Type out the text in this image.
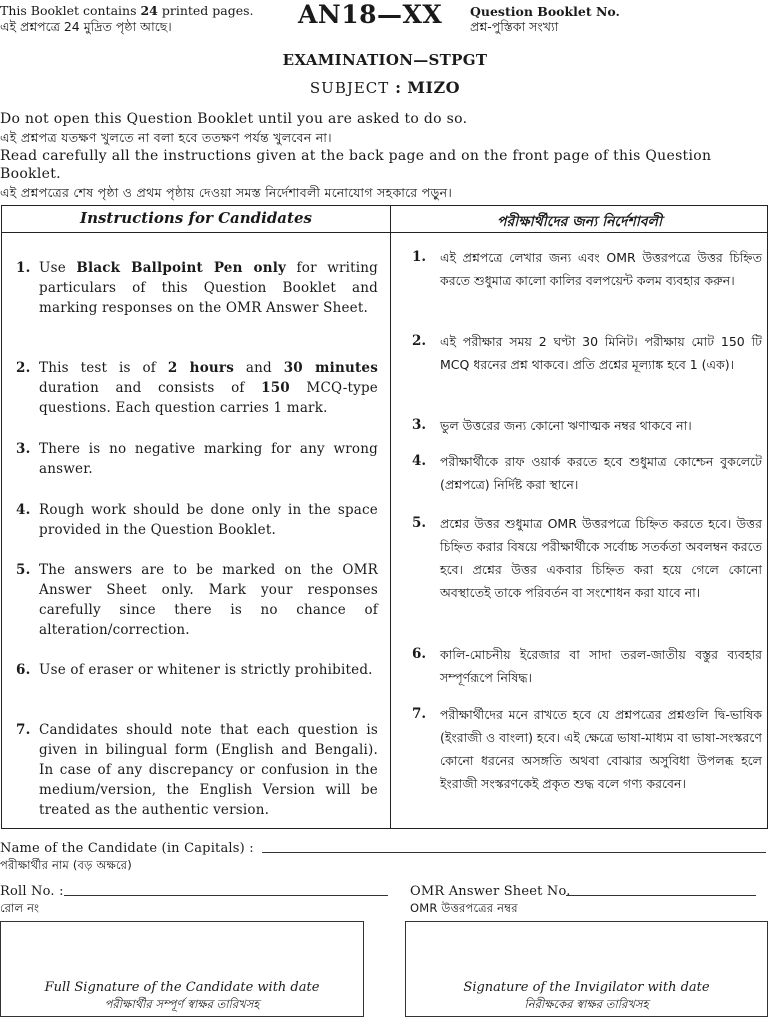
This Booklet contains 24 printed pages.
এই প্রশ্নপত্রে 24 মুদ্রিত পৃষ্ঠা আছে।	AN18—XX Question Booklet No.
প্রশ্ন-পুস্তিকা সংখ্যা
EXAMINATION—STPGT
SUBJECT : MIZO
Do not open this Question Booklet until you are asked to do so.
এই প্রশ্নপত্র যতক্ষণ খুলতে না বলা হবে ততক্ষণ পর্যন্ত খুলবেন না।
Read carefully all the instructions given at the back page and on the front page of this Question Booklet.
এই প্রশ্নপত্রের শেষ পৃষ্ঠা ও প্রথম পৃষ্ঠায় দেওয়া সমস্ত নির্দেশাবলী মনোযোগ সহকারে পড়ুন।
Instructions for Candidates	পরীক্ষার্থীদের জন্য নির্দেশাবলী
1. Use Black Ballpoint Pen only for writing particulars of this Question Booklet and marking responses on the OMR Answer Sheet.
2. This test is of 2 hours and 30 minutes duration and consists of 150 MCQ-type questions. Each question carries 1 mark.
3. There is no negative marking for any wrong answer.
4. Rough work should be done only in the space provided in the Question Booklet.
5. The answers are to be marked on the OMR Answer Sheet only. Mark your responses carefully since there is no chance of alteration/correction.
6. Use of eraser or whitener is strictly prohibited.
7. Candidates should note that each question is given in bilingual form (English and Bengali). In case of any discrepancy or confusion in the medium/version, the English Version will be treated as the authentic version.
1. এই প্রশ্নপত্রে লেখার জন্য এবং OMR উত্তরপত্রে উত্তর চিহ্নিত করতে শুধুমাত্র কালো কালির বলপয়েন্ট কলম ব্যবহার করুন।
2. এই পরীক্ষার সময় 2 ঘণ্টা 30 মিনিট। পরীক্ষায় মোট 150 টি MCQ ধরনের প্রশ্ন থাকবে। প্রতি প্রশ্নের মূল্যাঙ্ক হবে 1 (এক)।
3. ভুল উত্তরের জন্য কোনো ঋণাত্মক নম্বর থাকবে না।
4. পরীক্ষার্থীকে রাফ ওয়ার্ক করতে হবে শুধুমাত্র কোশ্চেন বুকলেটে (প্রশ্নপত্রে) নির্দিষ্ট করা স্থানে।
5. প্রশ্নের উত্তর শুধুমাত্র OMR উত্তরপত্রে চিহ্নিত করতে হবে। উত্তর চিহ্নিত করার বিষয়ে পরীক্ষার্থীকে সর্বোচ্চ সতর্কতা অবলম্বন করতে হবে। প্রশ্নের উত্তর একবার চিহ্নিত করা হয়ে গেলে কোনো অবস্থাতেই তাকে পরিবর্তন বা সংশোধন করা যাবে না।
6. কালি-মোচনীয় ইরেজার বা সাদা তরল-জাতীয় বস্তুর ব্যবহার সম্পূর্ণরূপে নিষিদ্ধ।
7. পরীক্ষার্থীদের মনে রাখতে হবে যে প্রশ্নপত্রের প্রশ্নগুলি দ্বি-ভাষিক (ইংরাজী ও বাংলা) হবে। এই ক্ষেত্রে ভাষা-মাধ্যম বা ভাষা-সংস্করণে কোনো ধরনের অসঙ্গতি অথবা বোঝার অসুবিধা উপলব্ধ হলে ইংরাজী সংস্করণকেই প্রকৃত শুদ্ধ বলে গণ্য করবেন।
Name of the Candidate (in Capitals) :
পরীক্ষার্থীর নাম (বড় অক্ষরে)
Roll No. :
রোল নং
OMR Answer Sheet No.
OMR উত্তরপত্রের নম্বর
Full Signature of the Candidate with date
পরীক্ষার্থীর সম্পূর্ণ স্বাক্ষর তারিখসহ
Signature of the Invigilator with date
নিরীক্ষকের স্বাক্ষর তারিখসহ
